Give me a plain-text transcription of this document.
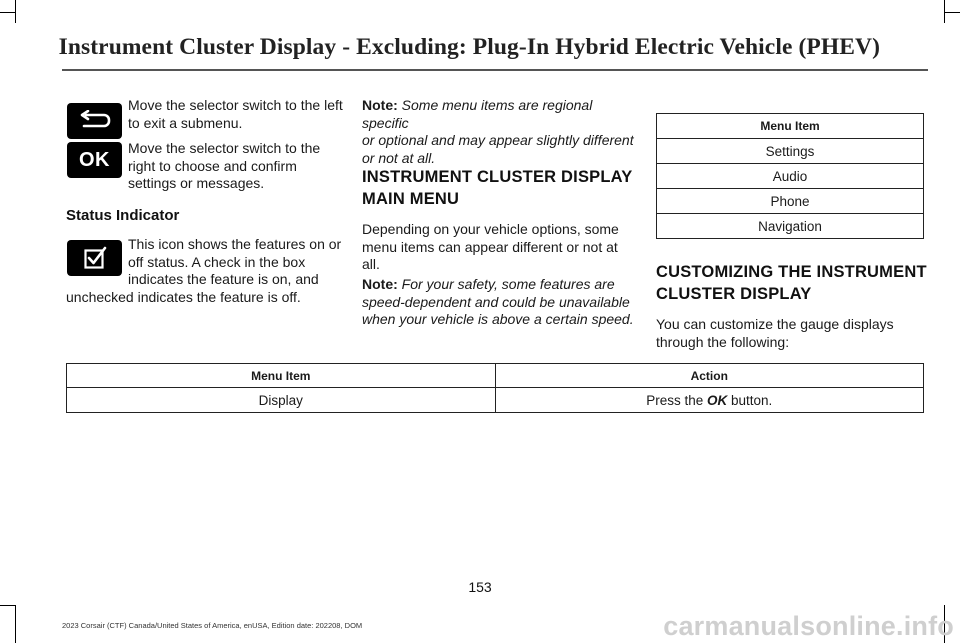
Instrument Cluster Display - Excluding: Plug-In Hybrid Electric Vehicle (PHEV)
Move the selector switch to the left
to exit a submenu.
OK
Move the selector switch to the
right to choose and confirm
settings or messages.
Status Indicator
This icon shows the features on or
off status. A check in the box
indicates the feature is on, and
unchecked indicates the feature is off.
Note: Some menu items are regional specific
or optional and may appear slightly different
or not at all.
INSTRUMENT CLUSTER DISPLAY
MAIN MENU
Depending on your vehicle options, some
menu items can appear different or not at
all.
Note: For your safety, some features are
speed-dependent and could be unavailable
when your vehicle is above a certain speed.
Menu Item
Settings
Audio
Phone
Navigation
CUSTOMIZING THE INSTRUMENT
CLUSTER DISPLAY
You can customize the gauge displays
through the following:
Menu Item	Action
Display	Press the OK button.
153
2023 Corsair (CTF) Canada/United States of America, enUSA, Edition date: 202208, DOM	carmanualsonline.info
